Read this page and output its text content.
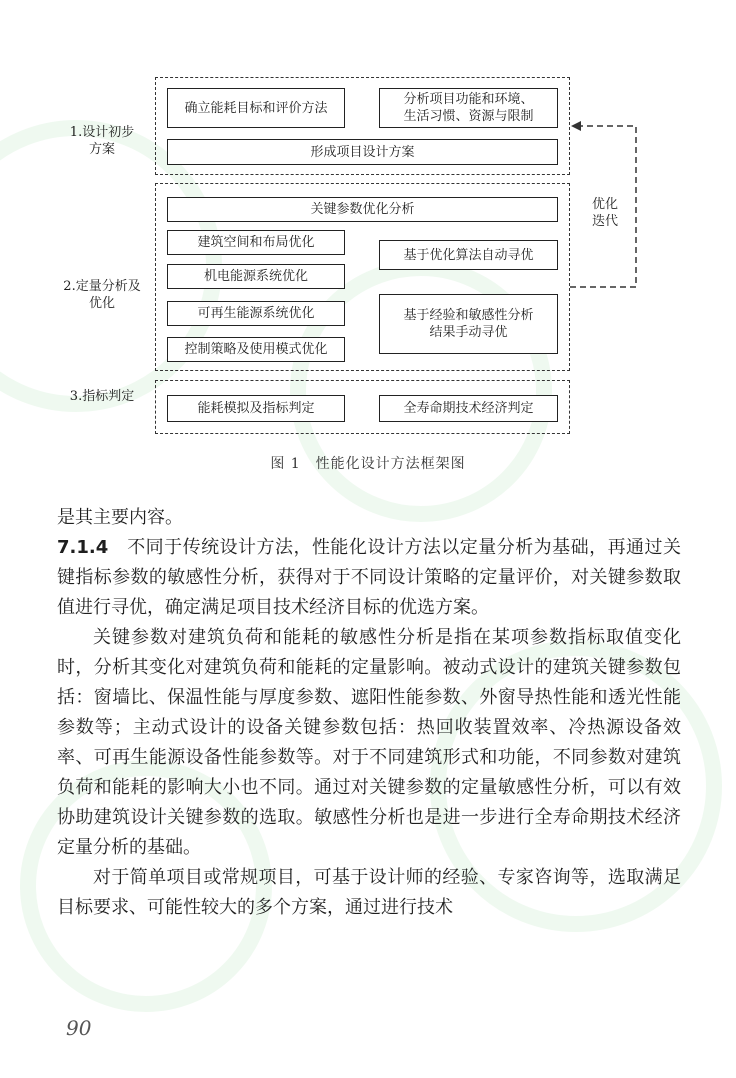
1.设计初步
方案
2.定量分析及
优化
3.指标判定
确立能耗目标和评价方法
分析项目功能和环境、
生活习惯、资源与限制
形成项目设计方案
关键参数优化分析
建筑空间和布局优化
机电能源系统优化
可再生能源系统优化
控制策略及使用模式优化
基于优化算法自动寻优
基于经验和敏感性分析
结果手动寻优
能耗模拟及指标判定	全寿命期技术经济判定
优化
迭代
图 1　性能化设计方法框架图

是其主要内容。

7.1.4　不同于传统设计方法，性能化设计方法以定量分析为基础，再通过关键指标参数的敏感性分析，获得对于不同设计策略的定量评价，对关键参数取值进行寻优，确定满足项目技术经济目标的优选方案。

关键参数对建筑负荷和能耗的敏感性分析是指在某项参数指标取值变化时，分析其变化对建筑负荷和能耗的定量影响。被动式设计的建筑关键参数包括：窗墙比、保温性能与厚度参数、遮阳性能参数、外窗导热性能和透光性能参数等；主动式设计的设备关键参数包括：热回收装置效率、冷热源设备效率、可再生能源设备性能参数等。对于不同建筑形式和功能，不同参数对建筑负荷和能耗的影响大小也不同。通过对关键参数的定量敏感性分析，可以有效协助建筑设计关键参数的选取。敏感性分析也是进一步进行全寿命期技术经济定量分析的基础。

对于简单项目或常规项目，可基于设计师的经验、专家咨询等，选取满足目标要求、可能性较大的多个方案，通过进行技术

90
